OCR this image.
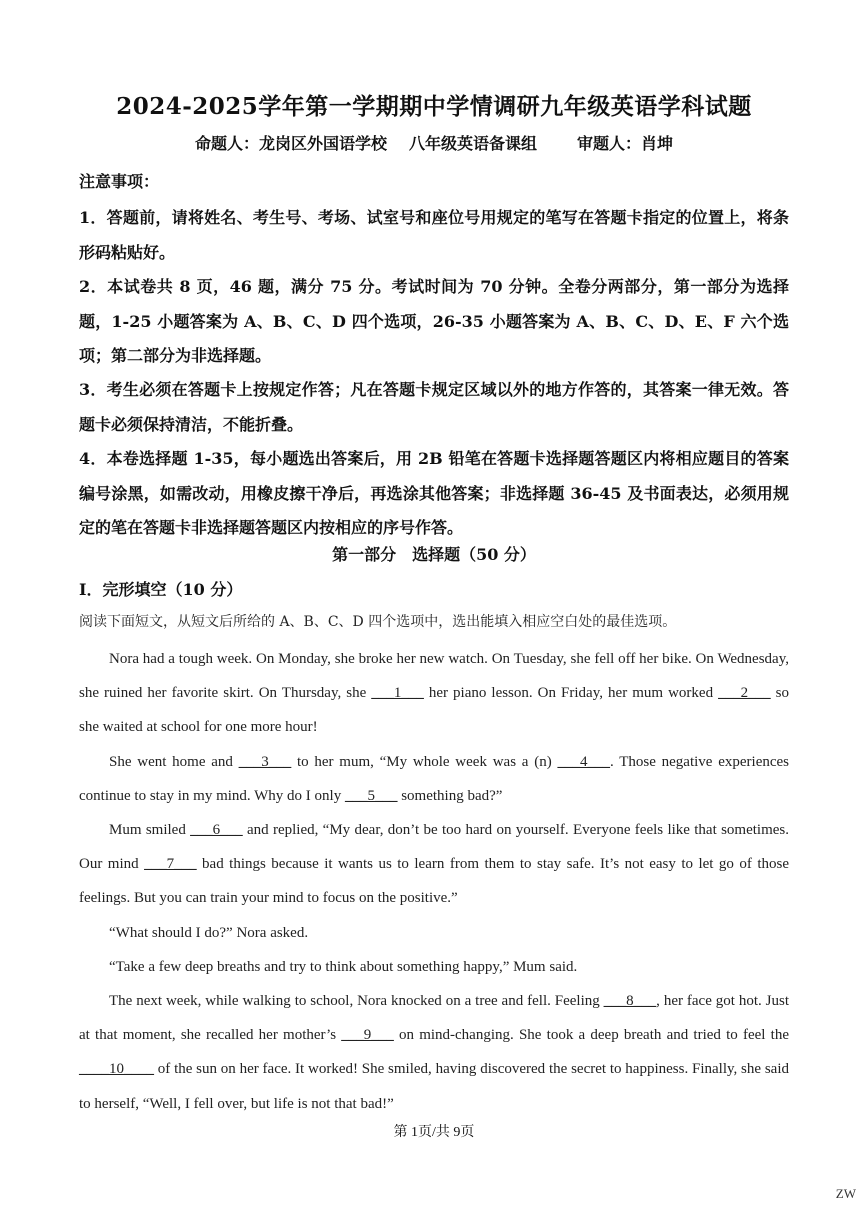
2024-2025学年第一学期期中学情调研九年级英语学科试题
命题人：龙岗区外国语学校 八年级英语备课组	审题人：肖坤
注意事项：
1．答题前，请将姓名、考生号、考场、试室号和座位号用规定的笔写在答题卡指定的位置上，将条形码粘贴好。
2．本试卷共 8 页，46 题，满分 75 分。考试时间为 70 分钟。全卷分两部分，第一部分为选择题，1-25 小题答案为 A、B、C、D 四个选项，26-35 小题答案为 A、B、C、D、E、F 六个选项；第二部分为非选择题。
3．考生必须在答题卡上按规定作答；凡在答题卡规定区域以外的地方作答的，其答案一律无效。答题卡必须保持清洁，不能折叠。
4．本卷选择题 1-35，每小题选出答案后，用 2B 铅笔在答题卡选择题答题区内将相应题目的答案编号涂黑，如需改动，用橡皮擦干净后，再选涂其他答案；非选择题 36-45 及书面表达，必须用规定的笔在答题卡非选择题答题区内按相应的序号作答。
第一部分　选择题（50 分）
Ⅰ．完形填空（10 分）
阅读下面短文，从短文后所给的 A、B、C、D 四个选项中，选出能填入相应空白处的最佳选项。

Nora had a tough week. On Monday, she broke her new watch. On Tuesday, she fell off her bike. On Wednesday, she ruined her favorite skirt. On Thursday, she ___1___ her piano lesson. On Friday, her mum worked ___2___ so she waited at school for one more hour!

She went home and ___3___ to her mum, “My whole week was a (n) ___4___. Those negative experiences continue to stay in my mind. Why do I only ___5___ something bad?”

Mum smiled ___6___ and replied, “My dear, don’t be too hard on yourself. Everyone feels like that sometimes. Our mind ___7___ bad things because it wants us to learn from them to stay safe. It’s not easy to let go of those feelings. But you can train your mind to focus on the positive.”

“What should I do?” Nora asked.

“Take a few deep breaths and try to think about something happy,” Mum said.

The next week, while walking to school, Nora knocked on a tree and fell. Feeling ___8___, her face got hot. Just at that moment, she recalled her mother’s ___9___ on mind-changing. She took a deep breath and tried to feel the ____10____ of the sun on her face. It worked! She smiled, having discovered the secret to happiness. Finally, she said to herself, “Well, I fell over, but life is not that bad!”

第 1页/共 9页
ZW
